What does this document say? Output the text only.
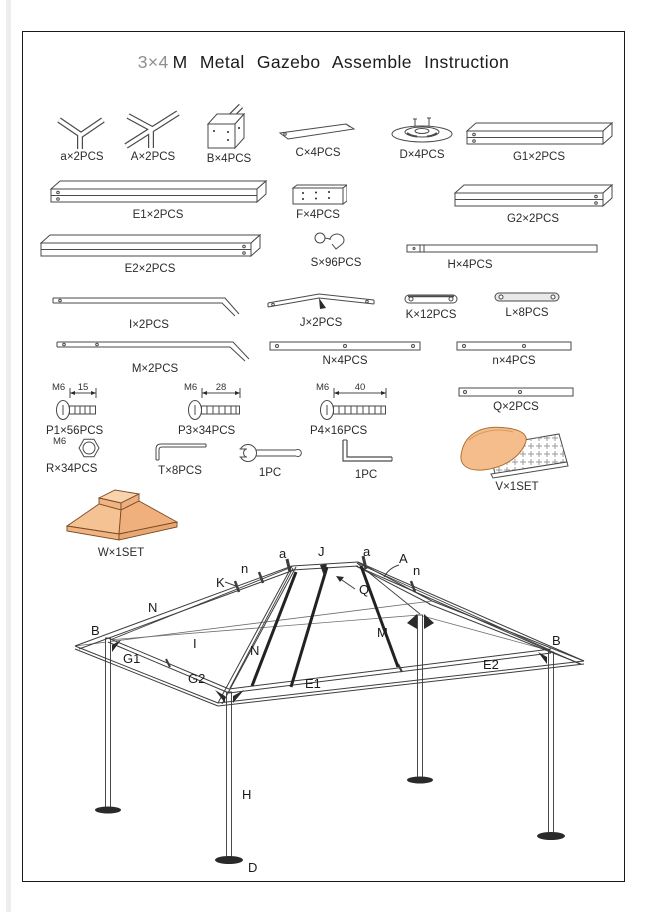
3×4 M Metal Gazebo Assemble Instruction
a×2PCS	A×2PCS	B×4PCS	C×4PCS	D×4PCS	G1×2PCS
E1×2PCS	F×4PCS	G2×2PCS
E2×2PCS	S×96PCS	H×4PCS
I×2PCS	J×2PCS
K×12PCS	L×8PCS
M×2PCS
N×4PCS	n×4PCS
M6 15
P1×56PCS
M6 28
P3×34PCS
M6	40
P4×16PCS
Q×2PCS
M6
R×34PCS	T×8PCS	1PC	1PC
V×1SET
W×1SET
K
n
a J	a A
n
Q
N
B
I	N
G1
G2	E1
M
E2
B
H
D
